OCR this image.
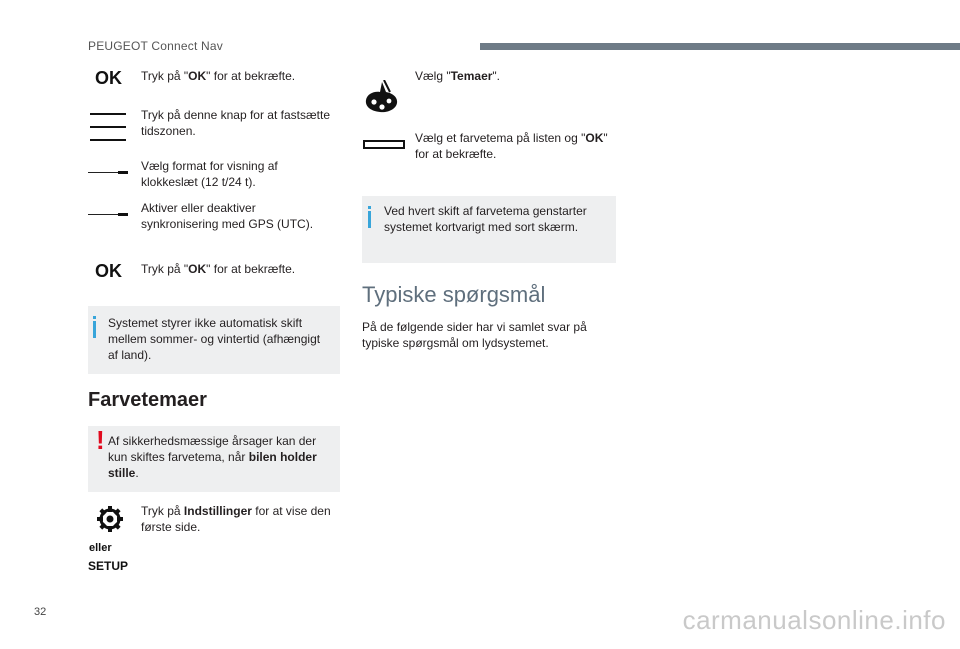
PEUGEOT Connect Nav
OK Tryk på "OK" for at bekræfte.
Tryk på denne knap for at fastsætte
tidszonen.
Vælg format for visning af
klokkeslæt (12 t/24 t).
Aktiver eller deaktiver
synkronisering med GPS (UTC).
OK Tryk på "OK" for at bekræfte.
Systemet styrer ikke automatisk skift
mellem sommer- og vintertid (afhængigt
af land).
Farvetemaer
! Af sikkerhedsmæssige årsager kan der
kun skiftes farvetema, når bilen holder
stille.
eller
SETUP
Tryk på Indstillinger for at vise den
første side.
Vælg "Temaer".
Vælg et farvetema på listen og "OK"
for at bekræfte.
Ved hvert skift af farvetema genstarter
systemet kortvarigt med sort skærm.
Typiske spørgsmål
På de følgende sider har vi samlet svar på
typiske spørgsmål om lydsystemet.
32	carmanualsonline.info
